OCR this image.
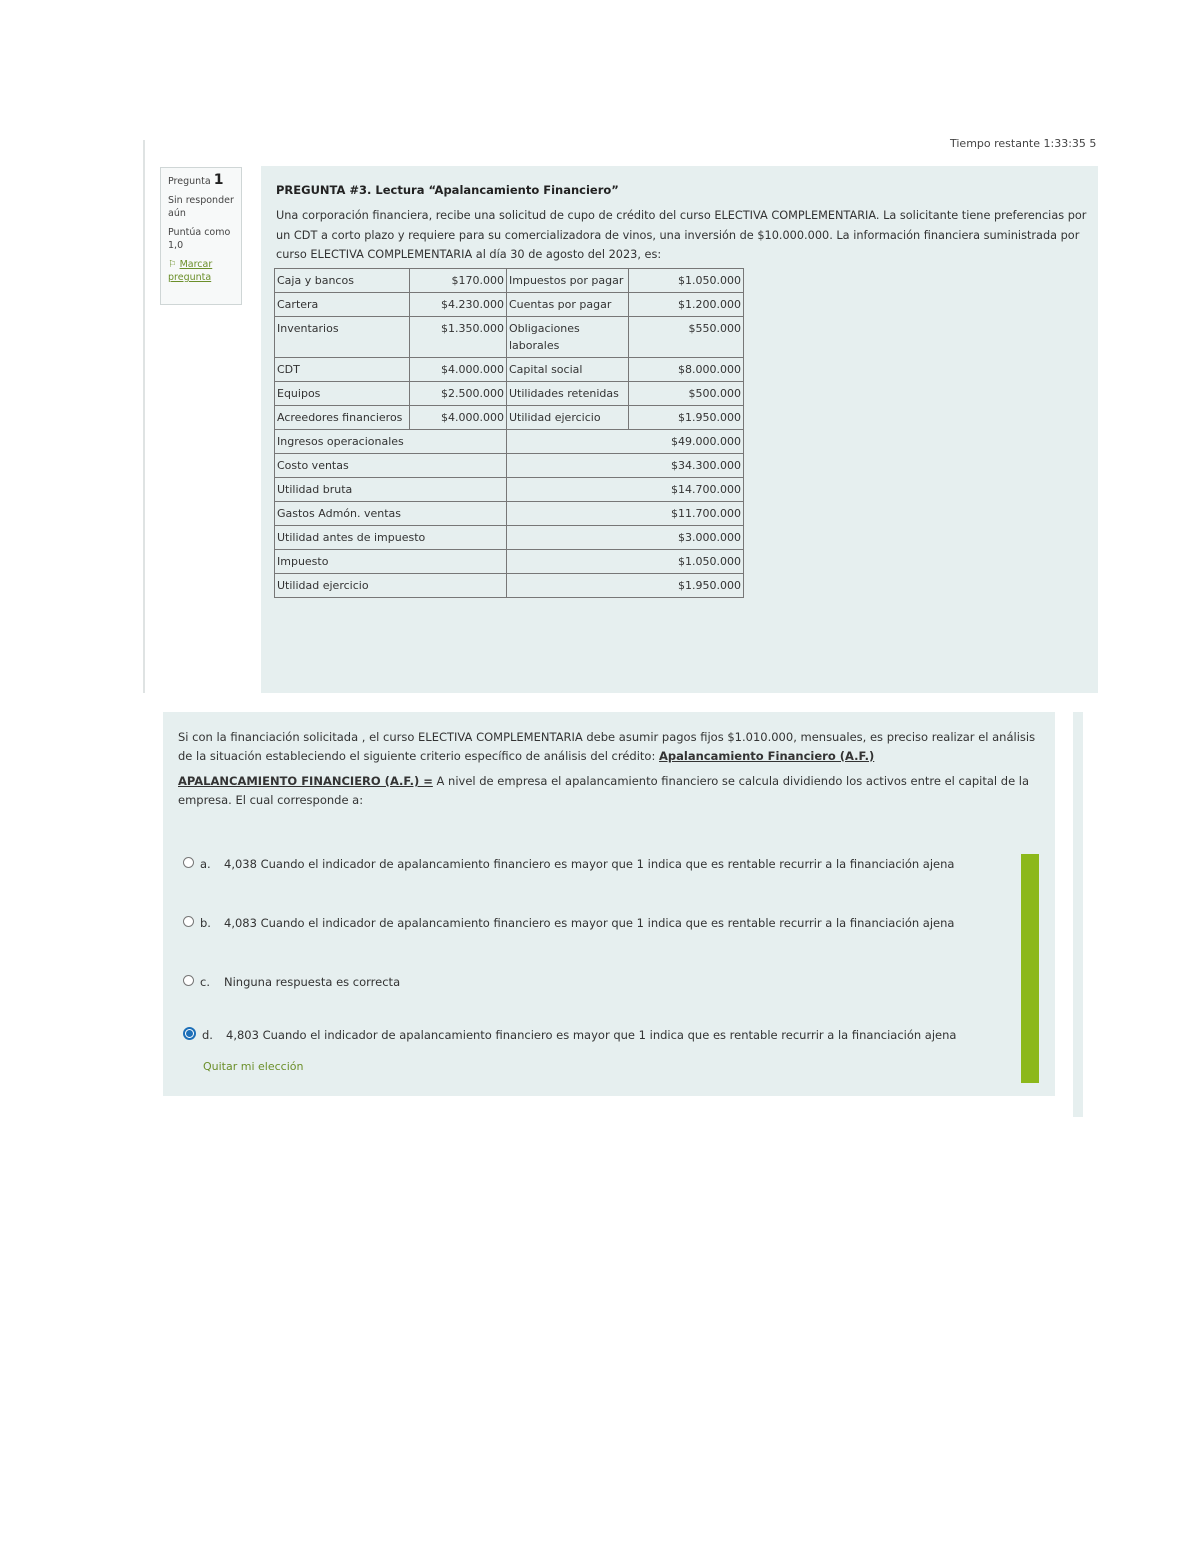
Tiempo restante 1:33:35 5

Pregunta 1

Sin responder aún

Puntúa como 1,0

⚐ Marcar pregunta

PREGUNTA #3. Lectura “Apalancamiento Financiero”
Una corporación financiera, recibe una solicitud de cupo de crédito del curso ELECTIVA COMPLEMENTARIA. La solicitante tiene preferencias por un CDT a corto plazo y requiere para su comercializadora de vinos, una inversión de $10.000.000. La información financiera suministrada por curso ELECTIVA COMPLEMENTARIA al día 30 de agosto del 2023, es:
Caja y bancos	$170.000	Impuestos por pagar	$1.050.000
Cartera	$4.230.000	Cuentas por pagar	$1.200.000
Inventarios	$1.350.000	Obligaciones laborales	$550.000
CDT	$4.000.000	Capital social	$8.000.000
Equipos	$2.500.000	Utilidades retenidas	$500.000
Acreedores financieros	$4.000.000	Utilidad ejercicio	$1.950.000
Ingresos operacionales		$49.000.000	
Costo ventas		$34.300.000	
Utilidad bruta		$14.700.000	
Gastos Admón. ventas		$11.700.000	
Utilidad antes de impuesto		$3.000.000	
Impuesto		$1.050.000	
Utilidad ejercicio		$1.950.000	
Si con la financiación solicitada , el curso ELECTIVA COMPLEMENTARIA debe asumir pagos fijos $1.010.000, mensuales, es preciso realizar el análisis de la situación estableciendo el siguiente criterio específico de análisis del crédito: Apalancamiento Financiero (A.F.)
APALANCAMIENTO FINANCIERO (A.F.) = A nivel de empresa el apalancamiento financiero se calcula dividiendo los activos entre el capital de la empresa. El cual corresponde a:
a. 4,038 Cuando el indicador de apalancamiento financiero es mayor que 1 indica que es rentable recurrir a la financiación ajena
b. 4,083 Cuando el indicador de apalancamiento financiero es mayor que 1 indica que es rentable recurrir a la financiación ajena
c. Ninguna respuesta es correcta
d. 4,803 Cuando el indicador de apalancamiento financiero es mayor que 1 indica que es rentable recurrir a la financiación ajena
Quitar mi elección
